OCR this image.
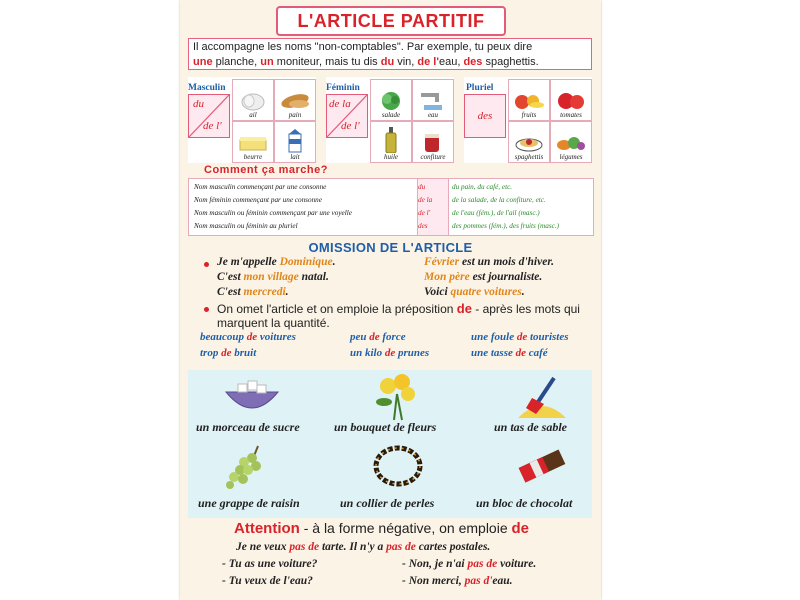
L'ARTICLE PARTITIF
Il accompagne les noms "non-comptables". Par exemple, tu peux dire
une planche, un moniteur, mais tu dis du vin, de l'eau, des spaghettis.
Masculin
du
de l'
ail	pain
beurre	lait
Féminin
de la
de l'
salade	eau
huile	confiture
Pluriel
des	fruits	tomates
spaghettis légumes
Comment ça marche?
Nom masculin commençant par une consonne	du	du pain, du café, etc.
Nom féminin commençant par une consonne	de la	de la salade, de la confiture, etc.
Nom masculin ou féminin commençant par une voyelle	de l'	de l'eau (fém.), de l'ail (masc.)
Nom masculin ou féminin au pluriel	des	des pommes (fém.), des fruits (masc.)
OMISSION DE L'ARTICLE
Je m'appelle Dominique.
C'est mon village natal.
C'est mercredi.
Février est un mois d'hiver.
Mon père est journaliste.
Voici quatre voitures.
On omet l'article et on emploie la préposition de - après les mots qui marquent la quantité.
beaucoup de voitures	peu de force	une foule de touristes
trop de bruit	un kilo de prunes	une tasse de café
un morceau de sucre	un bouquet de fleurs	un tas de sable
une grappe de raisin	un collier de perles	un bloc de chocolat
Attention - à la forme négative, on emploie de
Je ne veux pas de tarte. Il n'y a pas de cartes postales.
- Tu as une voiture?	- Non, je n'ai pas de voiture.
- Tu veux de l'eau?	- Non merci, pas d'eau.
